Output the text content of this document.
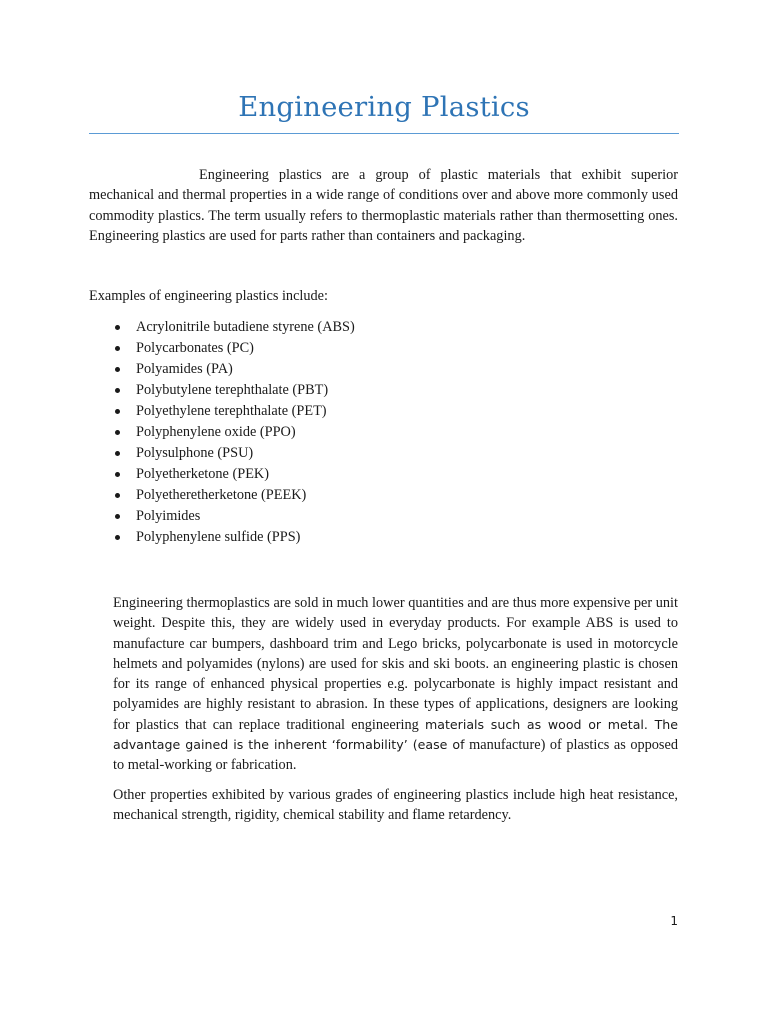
Engineering Plastics

Engineering plastics are a group of plastic materials that exhibit superior mechanical and thermal properties in a wide range of conditions over and above more commonly used commodity plastics. The term usually refers to thermoplastic materials rather than thermosetting ones. Engineering plastics are used for parts rather than containers and packaging.

Examples of engineering plastics include:

Acrylonitrile butadiene styrene (ABS)
Polycarbonates (PC)
Polyamides (PA)
Polybutylene terephthalate (PBT)
Polyethylene terephthalate (PET)
Polyphenylene oxide (PPO)
Polysulphone (PSU)
Polyetherketone (PEK)
Polyetheretherketone (PEEK)
Polyimides
Polyphenylene sulfide (PPS)

Engineering thermoplastics are sold in much lower quantities and are thus more expensive per unit weight. Despite this, they are widely used in everyday products. For example ABS is used to manufacture car bumpers, dashboard trim and Lego bricks, polycarbonate is used in motorcycle helmets and polyamides (nylons) are used for skis and ski boots. an engineering plastic is chosen for its range of enhanced physical properties e.g. polycarbonate is highly impact resistant and polyamides are highly resistant to abrasion. In these types of applications, designers are looking for plastics that can replace traditional engineering materials such as wood or metal. The advantage gained is the inherent ‘formability’ (ease of manufacture) of plastics as opposed to metal-working or fabrication.

Other properties exhibited by various grades of engineering plastics include high heat resistance, mechanical strength, rigidity, chemical stability and flame retardency.

1
